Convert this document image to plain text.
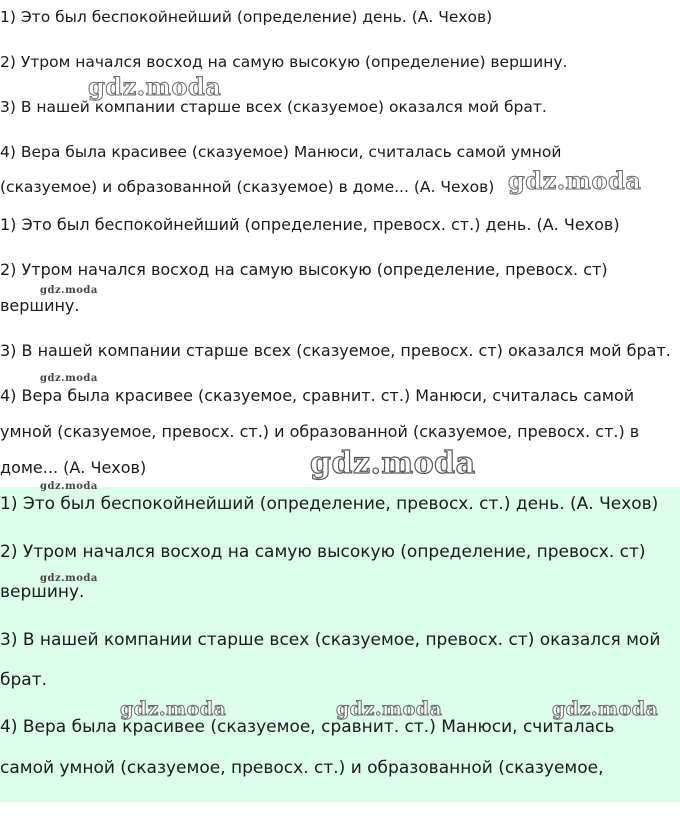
1) Это был беспокойнейший (определение) день. (А. Чехов)

2) Утром начался восход на самую высокую (определение) вершину.

3) В нашей компании старше всех (сказуемое) оказался мой брат.

4) Вера была красивее (сказуемое) Манюси, считалась самой умной

(сказуемое) и образованной (сказуемое) в доме... (А. Чехов)

1) Это был беспокойнейший (определение, превосх. ст.) день. (А. Чехов)

2) Утром начался восход на самую высокую (определение, превосх. ст)

вершину.

3) В нашей компании старше всех (сказуемое, превосх. ст) оказался мой брат.

4) Вера была красивее (сказуемое, сравнит. ст.) Манюси, считалась самой

умной (сказуемое, превосх. ст.) и образованной (сказуемое, превосх. ст.) в

доме... (А. Чехов)

1) Это был беспокойнейший (определение, превосх. ст.) день. (А. Чехов)

2) Утром начался восход на самую высокую (определение, превосх. ст)

вершину.

3) В нашей компании старше всех (сказуемое, превосх. ст) оказался мой

брат.

4) Вера была красивее (сказуемое, сравнит. ст.) Манюси, считалась

самой умной (сказуемое, превосх. ст.) и образованной (сказуемое,

gdz.moda

gdz.moda

gdz.moda

gdz.moda

gdz.moda

gdz.moda

gdz.moda

gdz.moda	gdz.moda	gdz.moda
